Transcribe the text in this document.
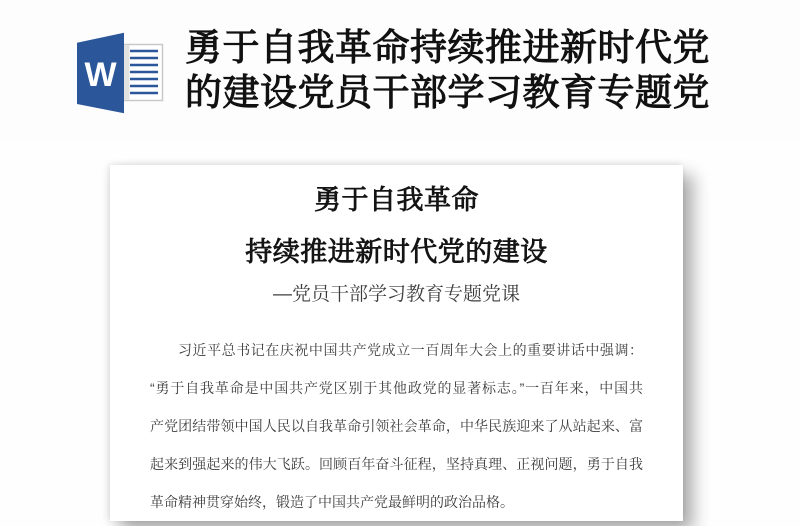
W
勇于自我革命持续推进新时代党
的建设党员干部学习教育专题党
勇于自我革命
持续推进新时代党的建设
—党员干部学习教育专题党课
习近平总书记在庆祝中国共产党成立一百周年大会上的重要讲话中强调：
“勇于自我革命是中国共产党区别于其他政党的显著标志。”一百年来，中国共
产党团结带领中国人民以自我革命引领社会革命，中华民族迎来了从站起来、富
起来到强起来的伟大飞跃。回顾百年奋斗征程，坚持真理、正视问题，勇于自我
革命精神贯穿始终，锻造了中国共产党最鲜明的政治品格。
